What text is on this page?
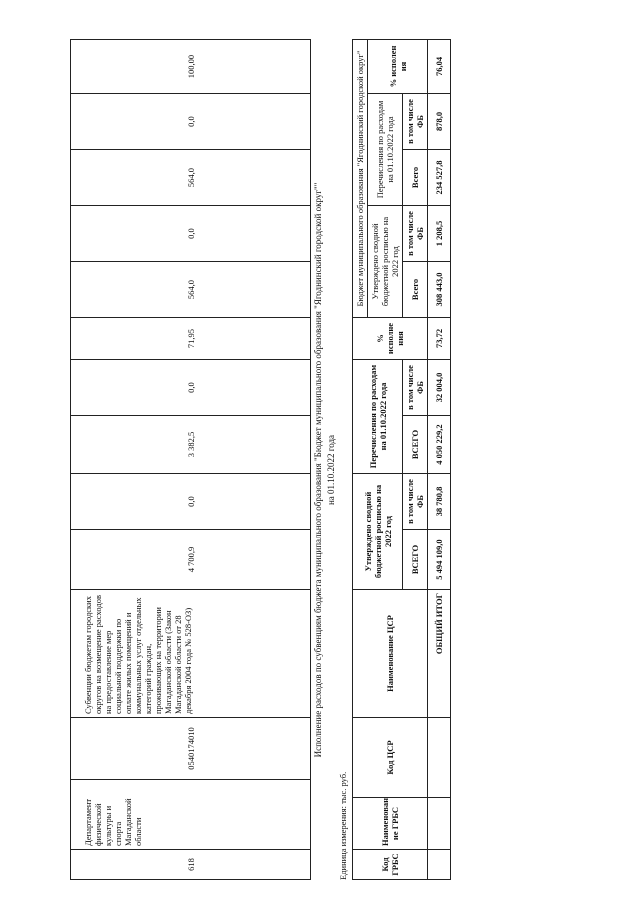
618	Департамент физической культуры и спорта Магаданской области	0540174010	Субвенции бюджетам городских округов на возмещение расходов на предоставление мер социальной поддержки по оплате жилых помещений и коммунальных услуг отдельных категорий граждан, проживающих на территории Магаданской области (Закон Магаданской области от 28 декабря 2004 года № 528-ОЗ)	4 700,9	0,0	3 382,5	0,0	71,95	564,0	0,0	564,0	0,0	100,00
Исполнение расходов по субвенциям бюджета муниципального образования "Бюджет муниципального образования "Ягоднинский городской округ"" на 01.10.2022 года
Единица измерения: тыс. руб.	Код ГРБС	Наименован ие ГРБС	Код ЦСР	Наименование ЦСР	Утверждено сводной бюджетной росписью на 2022 год		Перечисления по расходам на 01.10.2022 года		% исполне ния	Бюджет муниципального образования "Ягоднинский городской округ"				
									Утверждено сводной бюджетной росписью на 2022 год		Перечисления по расходам на 01.10.2022 года		% исполен ия
				ВСЕГО	в том числе ФБ	ВСЕГО	в том числе ФБ		Всего	в том числе ФБ	Всего	в том числе ФБ	
			ОБЩИЙ ИТОГ	5 494 109,0	38 780,8	4 050 229,2	32 004,0	73,72	308 443,0	1 208,5	234 527,8	878,0	76,04
